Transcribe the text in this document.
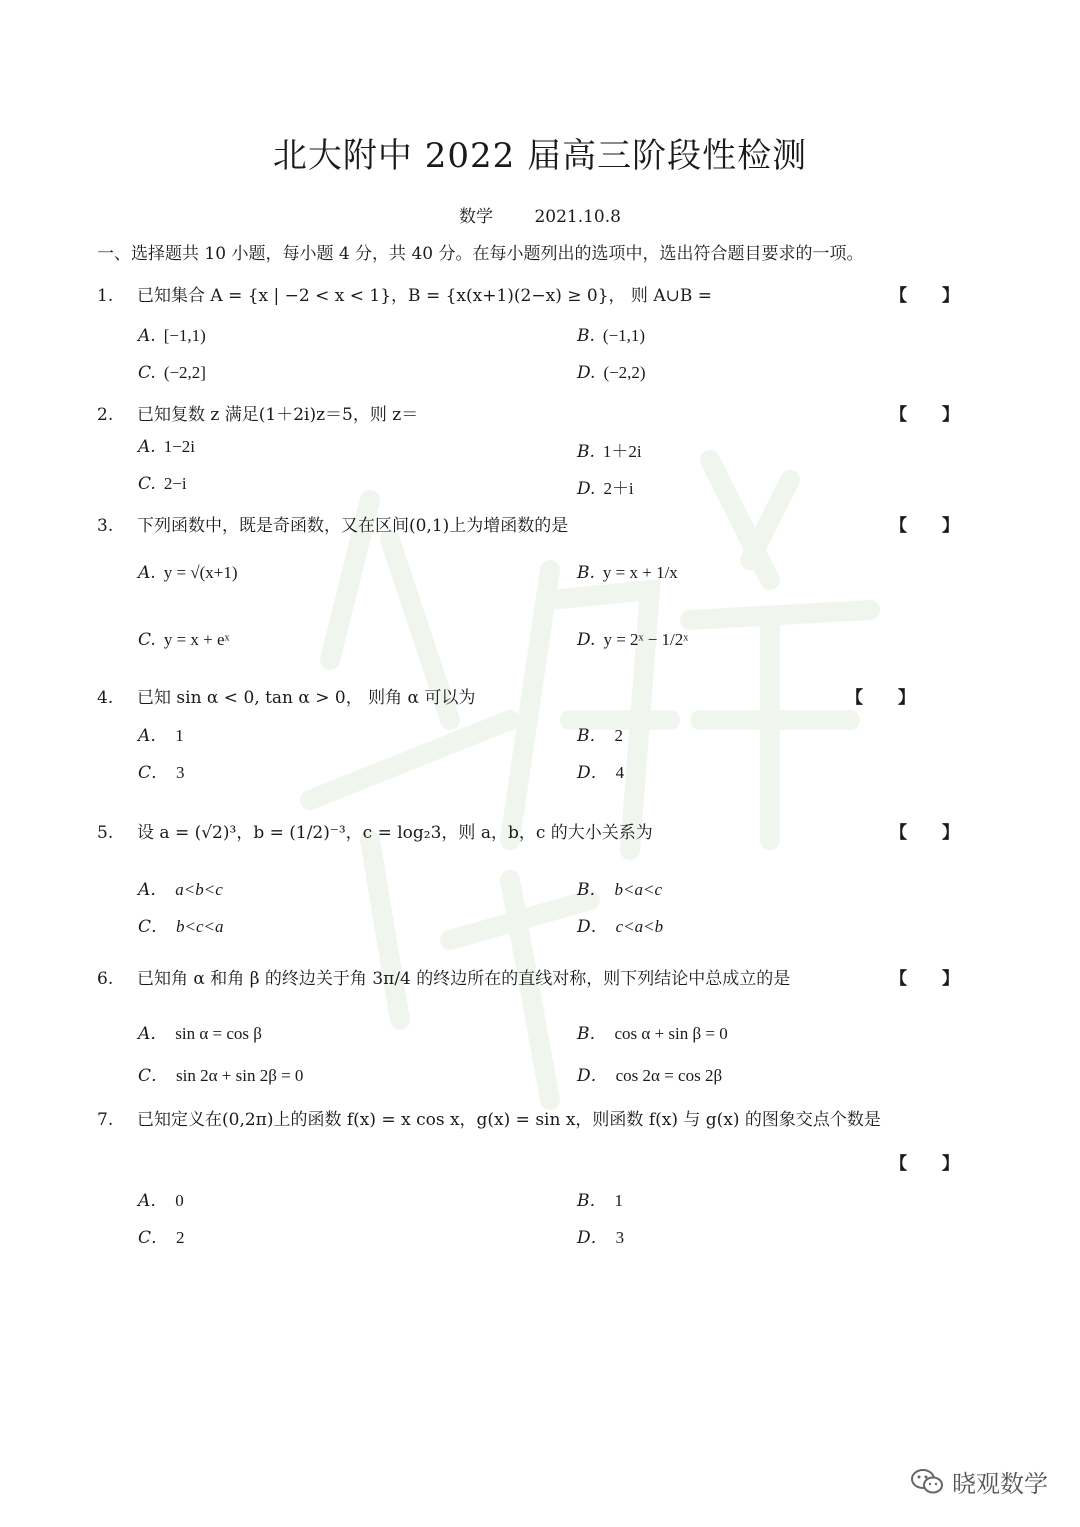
北大附中 2022 届高三阶段性检测
数学 2021.10.8
一、选择题共 10 小题，每小题 4 分，共 40 分。在每小题列出的选项中，选出符合题目要求的一项。
1. 已知集合 A = {x | −2 < x < 1}，B = {x(x+1)(2−x) ≥ 0}， 则 A∪B =	【 】
A. [−1,1)	B. (−1,1)
C. (−2,2]	D. (−2,2)
2. 已知复数 z 满足(1＋2i)z＝5，则 z＝	【 】
A. 1−2i	B. 1＋2i
C. 2−i	D. 2＋i
3. 下列函数中，既是奇函数，又在区间(0,1)上为增函数的是	【 】
A. y = √(x+1)	B. y = x + 1/x
C. y = x + eˣ	D. y = 2ˣ − 1/2ˣ
4. 已知 sin α < 0, tan α > 0， 则角 α 可以为	【 】
A． 1	B． 2
C． 3	D． 4
5. 设 a = (√2)³，b = (1/2)⁻³，c = log₂3，则 a，b，c 的大小关系为	【 】
A． a<b<c	B． b<a<c
C． b<c<a	D． c<a<b
6. 已知角 α 和角 β 的终边关于角 3π/4 的终边所在的直线对称，则下列结论中总成立的是	【 】
A． sin α = cos β	B． cos α + sin β = 0
C． sin 2α + sin 2β = 0	D． cos 2α = cos 2β
7. 已知定义在(0,2π)上的函数 f(x) = x cos x，g(x) = sin x，则函数 f(x) 与 g(x) 的图象交点个数是
【 】
A． 0	B． 1
C． 2	D． 3
晓观数学
